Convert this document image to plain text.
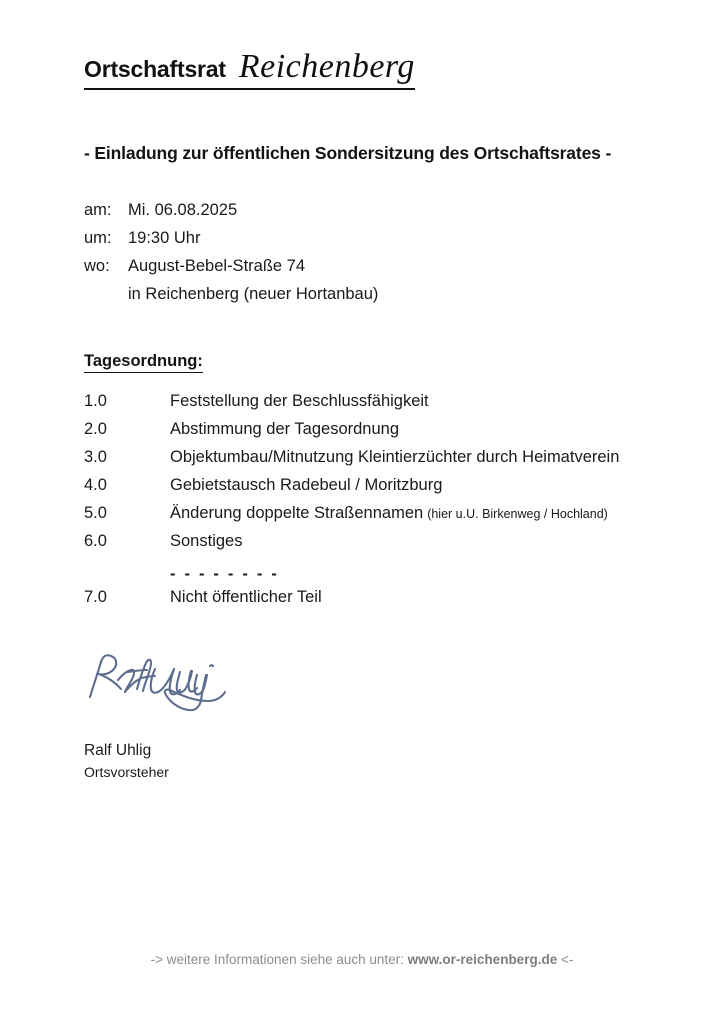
Ortschaftsrat Reichenberg
- Einladung zur öffentlichen Sondersitzung des Ortschaftsrates -
am: Mi. 06.08.2025
um: 19:30 Uhr
wo:	August-Bebel-Straße 74
in Reichenberg (neuer Hortanbau)
Tagesordnung:
1.0	Feststellung der Beschlussfähigkeit
2.0	Abstimmung der Tagesordnung
3.0	Objektumbau/Mitnutzung Kleintierzüchter durch Heimatverein
4.0	Gebietstausch Radebeul / Moritzburg
5.0	Änderung doppelte Straßennamen (hier u.U. Birkenweg / Hochland)
6.0	Sonstiges
- - - - - - - -
7.0	Nicht öffentlicher Teil
Ralf Uhlig
Ortsvorsteher
-> weitere Informationen siehe auch unter: www.or-reichenberg.de <-
